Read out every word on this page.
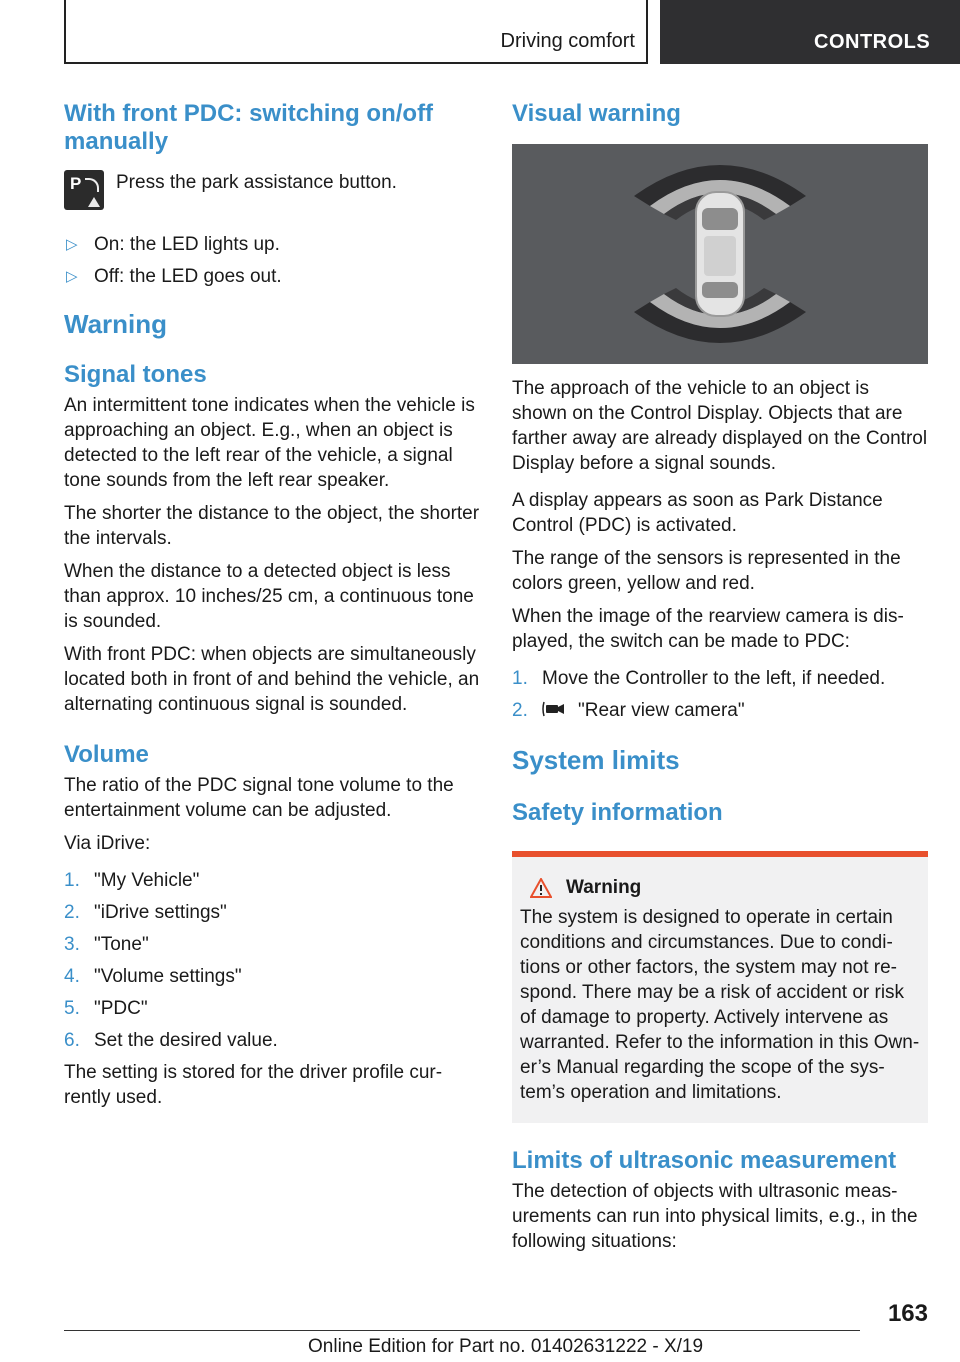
Driving comfort	CONTROLS
With front PDC: switching on/off manually
P Press the park assistance button.

▷ On: the LED lights up.
▷ Off: the LED goes out.
Warning
Signal tones

An intermittent tone indicates when the vehicle is approaching an object. E.g., when an object is detected to the left rear of the vehicle, a signal tone sounds from the left rear speaker.

The shorter the distance to the object, the shorter the intervals.

When the distance to a detected object is less than approx. 10 inches/25 cm, a continuous tone is sounded.

With front PDC: when objects are simultaneously located both in front of and behind the vehicle, an alternating continuous signal is sounded.

Volume

The ratio of the PDC signal tone volume to the entertainment volume can be adjusted.

Via iDrive:

1. "My Vehicle"
2. "iDrive settings"
3. "Tone"
4. "Volume settings"
5. "PDC"
6. Set the desired value.

The setting is stored for the driver profile currently used.

Visual warning

The approach of the vehicle to an object is shown on the Control Display. Objects that are farther away are already displayed on the Control Display before a signal sounds.

A display appears as soon as Park Distance Control (PDC) is activated.

The range of the sensors is represented in the colors green, yellow and red.

When the image of the rearview camera is displayed, the switch can be made to PDC:

1. Move the Controller to the left, if needed.
2.	"Rear view camera"
System limits
Safety information
Warning

The system is designed to operate in certain conditions and circumstances. Due to conditions or other factors, the system may not respond. There may be a risk of accident or risk of damage to property. Actively intervene as warranted. Refer to the information in this Owner’s Manual regarding the scope of the system’s operation and limitations.

Limits of ultrasonic measurement

The detection of objects with ultrasonic measurements can run into physical limits, e.g., in the following situations:

163
Online Edition for Part no. 01402631222 - X/19
